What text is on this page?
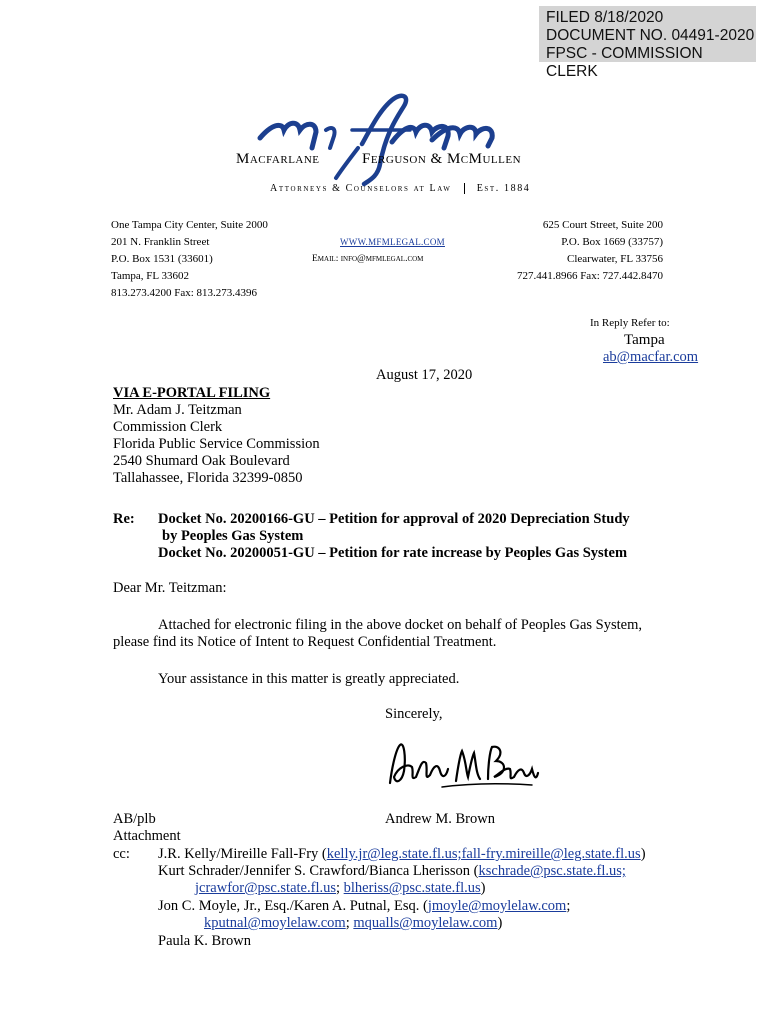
FILED 8/18/2020
DOCUMENT NO. 04491-2020
FPSC - COMMISSION CLERK
Macfarlane	Ferguson & McMullen
Attorneys & Counselors at Law	Est. 1884
One Tampa City Center, Suite 2000
201 N. Franklin Street
P.O. Box 1531 (33601)
Tampa, FL 33602
813.273.4200 Fax: 813.273.4396
WWW.MFMLEGAL.COM
Email: info@mfmlegal.com
625 Court Street, Suite 200
P.O. Box 1669 (33757)
Clearwater, FL 33756
727.441.8966 Fax: 727.442.8470
In Reply Refer to:
Tampa
ab@macfar.com
August 17, 2020
VIA E-PORTAL FILING
Mr. Adam J. Teitzman
Commission Clerk
Florida Public Service Commission
2540 Shumard Oak Boulevard
Tallahassee, Florida 32399-0850
Re: Docket No. 20200166-GU – Petition for approval of 2020 Depreciation Study
by Peoples Gas System
Docket No. 20200051-GU – Petition for rate increase by Peoples Gas System
Dear Mr. Teitzman:
Attached for electronic filing in the above docket on behalf of Peoples Gas System,
please find its Notice of Intent to Request Confidential Treatment.
Your assistance in this matter is greatly appreciated.
Sincerely,
AB/plb	Andrew M. Brown
Attachment
cc: J.R. Kelly/Mireille Fall-Fry (kelly.jr@leg.state.fl.us;fall-fry.mireille@leg.state.fl.us)
Kurt Schrader/Jennifer S. Crawford/Bianca Lherisson (kschrade@psc.state.fl.us;
jcrawfor@psc.state.fl.us; blheriss@psc.state.fl.us)
Jon C. Moyle, Jr., Esq./Karen A. Putnal, Esq. (jmoyle@moylelaw.com;
kputnal@moylelaw.com; mqualls@moylelaw.com)
Paula K. Brown
